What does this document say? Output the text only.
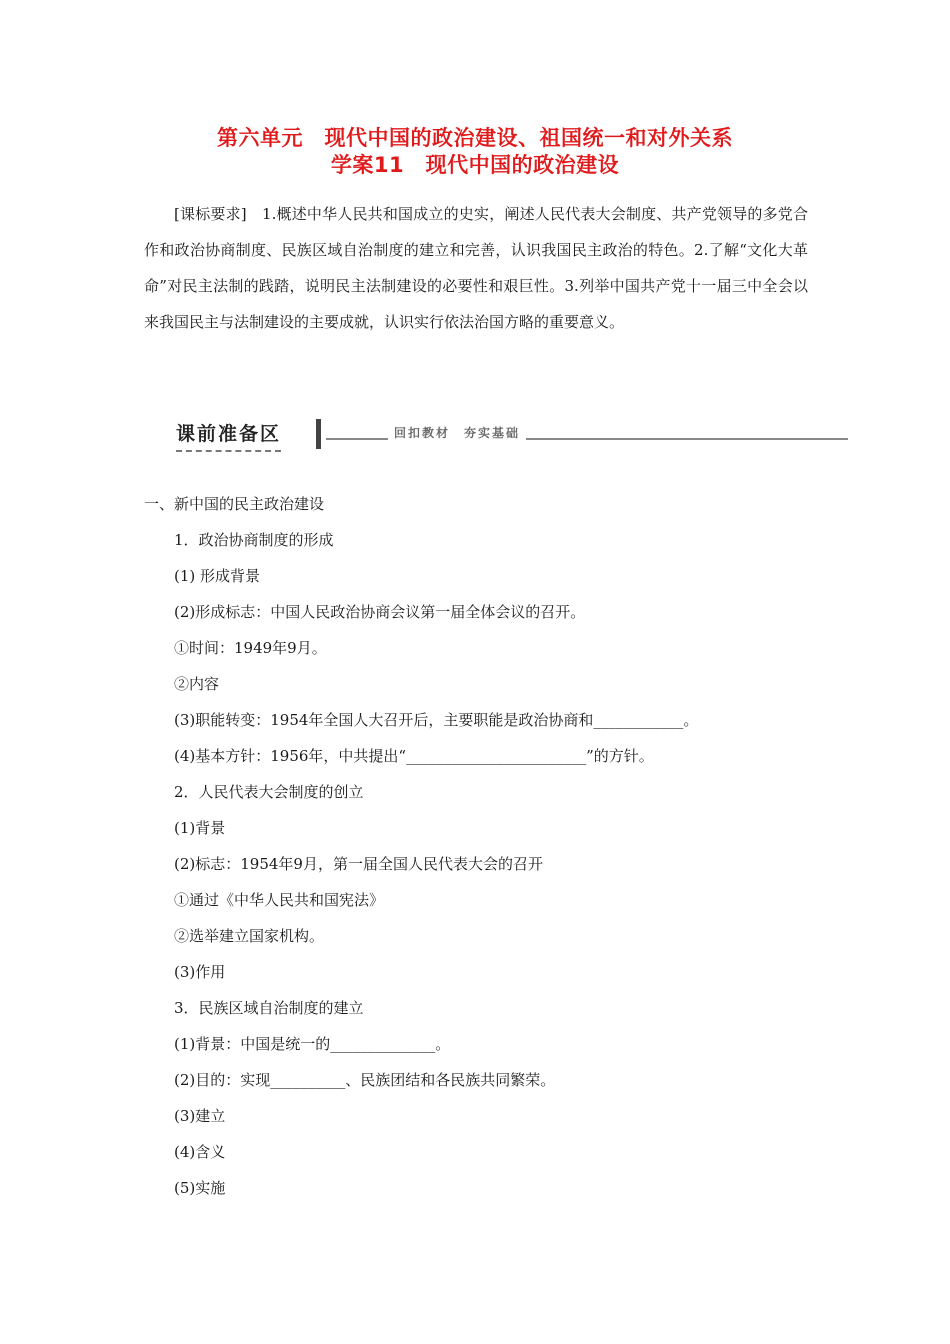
第六单元　现代中国的政治建设、祖国统一和对外关系
学案11　现代中国的政治建设
[课标要求]　1.概述中华人民共和国成立的史实，阐述人民代表大会制度、共产党领导的多党合作和政治协商制度、民族区域自治制度的建立和完善，认识我国民主政治的特色。2.了解“文化大革命”对民主法制的践踏，说明民主法制建设的必要性和艰巨性。3.列举中国共产党十一届三中全会以来我国民主与法制建设的主要成就，认识实行依法治国方略的重要意义。
课前准备区	回扣教材　夯实基础
一、新中国的民主政治建设
1．政治协商制度的形成
(1) 形成背景
(2)形成标志：中国人民政治协商会议第一届全体会议的召开。
①时间：1949年9月。
②内容
(3)职能转变：1954年全国人大召开后，主要职能是政治协商和____________。
(4)基本方针：1956年，中共提出“________________________”的方针。
2．人民代表大会制度的创立
(1)背景
(2)标志：1954年9月，第一届全国人民代表大会的召开
①通过《中华人民共和国宪法》
②选举建立国家机构。
(3)作用
3．民族区域自治制度的建立
(1)背景：中国是统一的______________。
(2)目的：实现__________、民族团结和各民族共同繁荣。
(3)建立
(4)含义
(5)实施
